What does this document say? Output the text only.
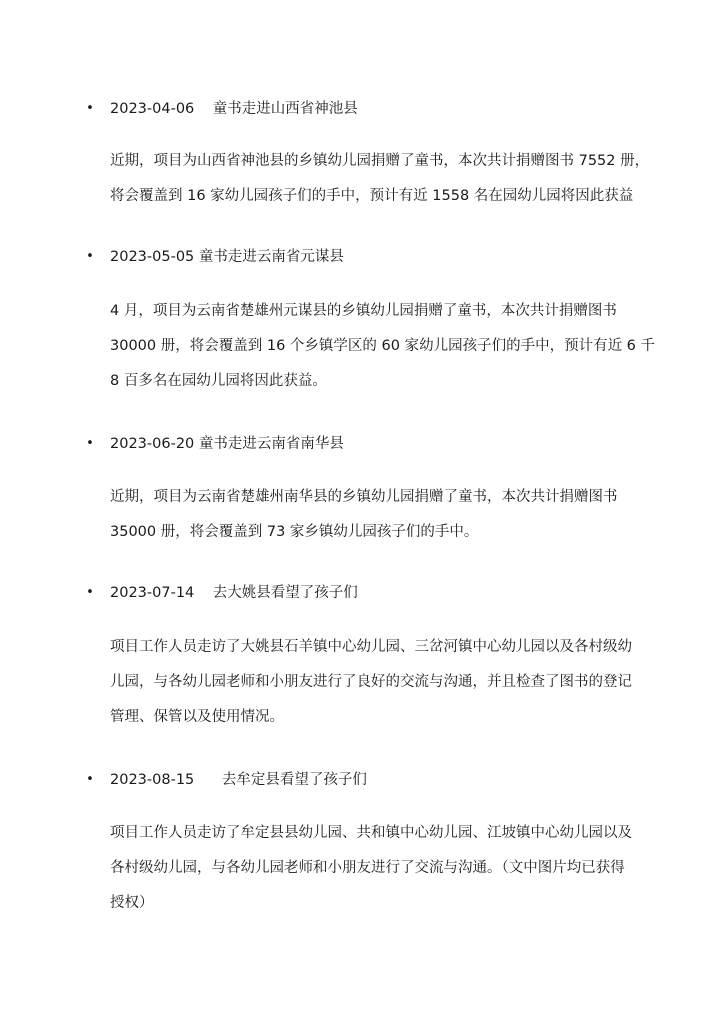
• 2023-04-06    童书走进山西省神池县

近期，项目为山西省神池县的乡镇幼儿园捐赠了童书，本次共计捐赠图书 7552 册，
将会覆盖到 16 家幼儿园孩子们的手中，预计有近 1558 名在园幼儿园将因此获益

• 2023-05-05 童书走进云南省元谋县

4 月，项目为云南省楚雄州元谋县的乡镇幼儿园捐赠了童书，本次共计捐赠图书
30000 册，将会覆盖到 16 个乡镇学区的 60 家幼儿园孩子们的手中，预计有近 6 千
8 百多名在园幼儿园将因此获益。

• 2023-06-20 童书走进云南省南华县

近期，项目为云南省楚雄州南华县的乡镇幼儿园捐赠了童书，本次共计捐赠图书
35000 册，将会覆盖到 73 家乡镇幼儿园孩子们的手中。

• 2023-07-14    去大姚县看望了孩子们

项目工作人员走访了大姚县石羊镇中心幼儿园、三岔河镇中心幼儿园以及各村级幼
儿园，与各幼儿园老师和小朋友进行了良好的交流与沟通，并且检查了图书的登记
管理、保管以及使用情况。

• 2023-08-15      去牟定县看望了孩子们

项目工作人员走访了牟定县县幼儿园、共和镇中心幼儿园、江坡镇中心幼儿园以及
各村级幼儿园，与各幼儿园老师和小朋友进行了交流与沟通。（文中图片均已获得
授权）
